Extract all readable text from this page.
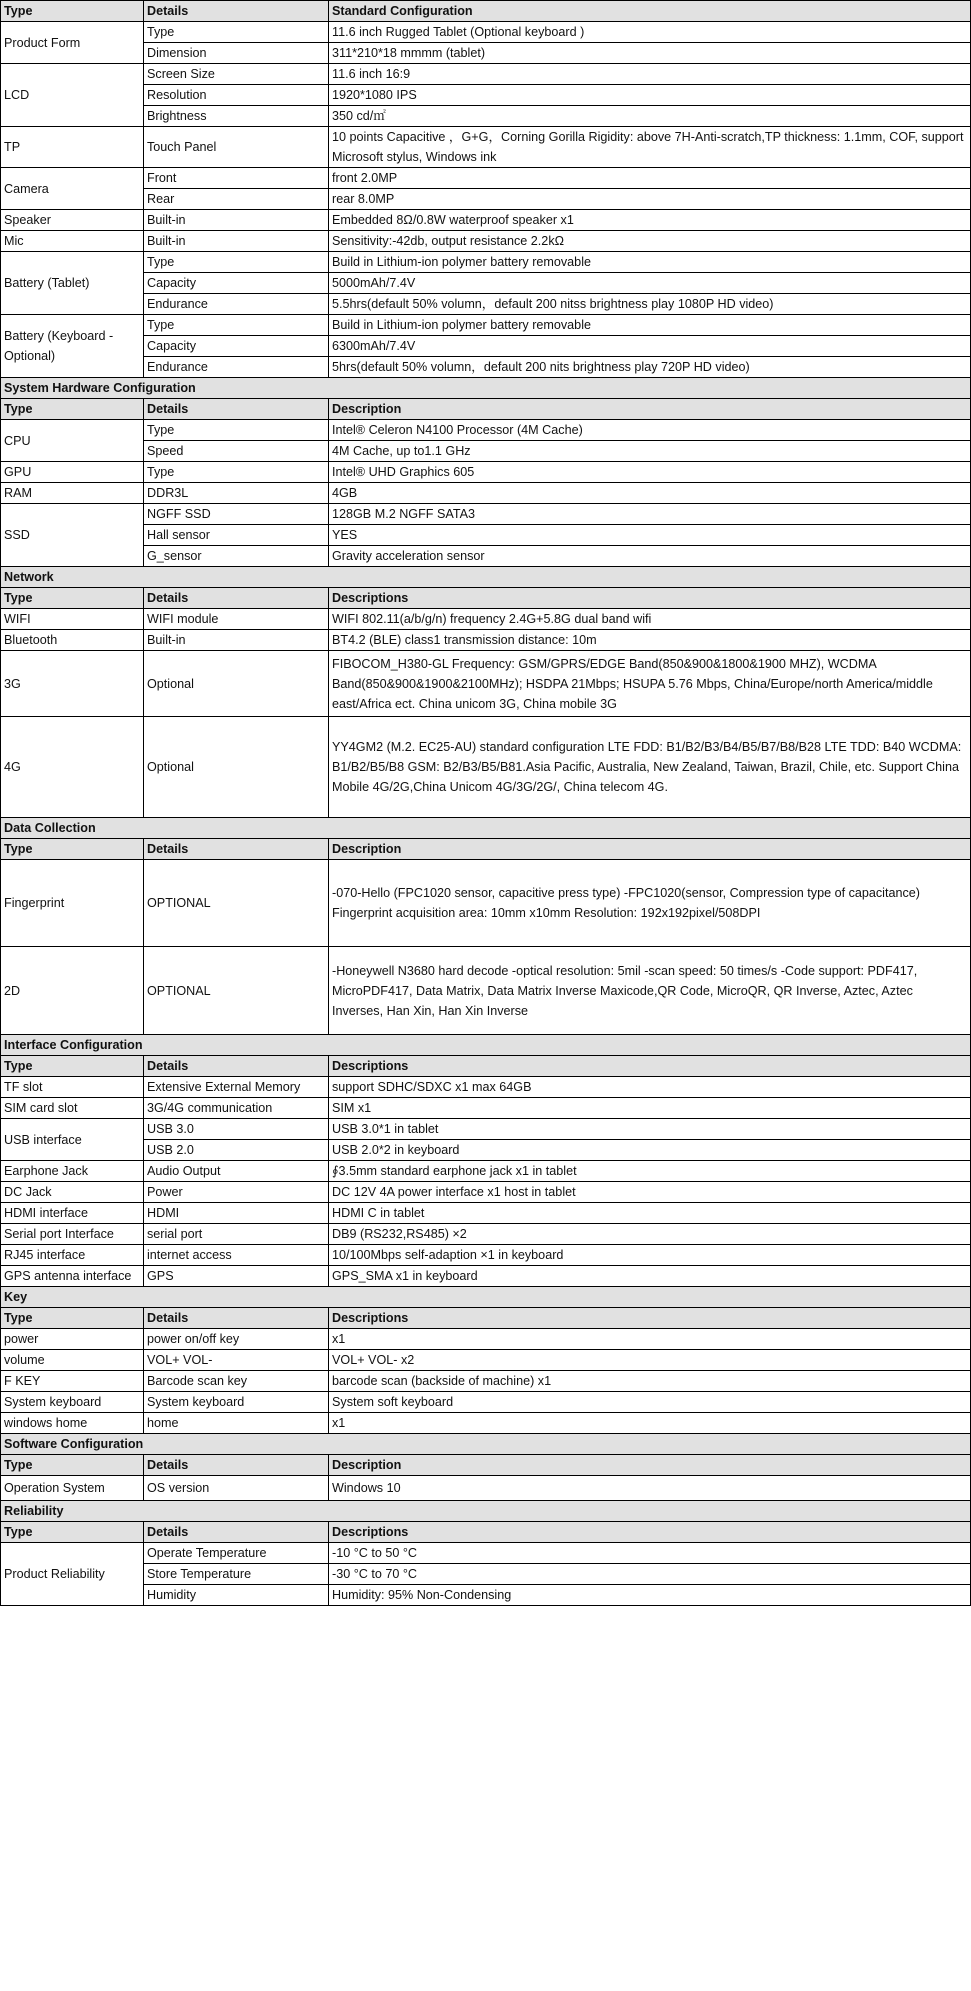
Type	Details	Standard Configuration
Product Form	Type	11.6 inch Rugged Tablet (Optional keyboard )
	Dimension	311*210*18 mmmm (tablet)
LCD	Screen Size	11.6 inch 16:9
	Resolution	1920*1080 IPS
	Brightness	350 cd/㎡
TP	Touch Panel	10 points Capacitive ，G+G，Corning Gorilla Rigidity: above 7H-Anti-scratch,TP thickness: 1.1mm, COF, support Microsoft stylus, Windows ink
Camera	Front	front 2.0MP
	Rear	rear 8.0MP
Speaker	Built-in	Embedded 8Ω/0.8W waterproof speaker x1
Mic	Built-in	Sensitivity:-42db, output resistance 2.2kΩ
Battery (Tablet)	Type	Build in Lithium-ion polymer battery removable
	Capacity	5000mAh/7.4V
	Endurance	5.5hrs(default 50% volumn，default 200 nitss brightness play 1080P HD video)
Battery (Keyboard -Optional)	Type	Build in Lithium-ion polymer battery removable
	Capacity	6300mAh/7.4V
	Endurance	5hrs(default 50% volumn，default 200 nits brightness play 720P HD video)
System Hardware Configuration		
Type	Details	Description
CPU	Type	Intel® Celeron N4100 Processor (4M Cache)
	Speed	4M Cache, up to1.1 GHz
GPU	Type	Intel® UHD Graphics 605
RAM	DDR3L	4GB
SSD	NGFF SSD	128GB M.2 NGFF SATA3
	Hall sensor	YES
	G_sensor	Gravity acceleration sensor
Network		
Type	Details	Descriptions
WIFI	WIFI module	WIFI 802.11(a/b/g/n) frequency 2.4G+5.8G dual band wifi
Bluetooth	Built-in	BT4.2 (BLE) class1 transmission distance: 10m
3G	Optional	FIBOCOM_H380-GL Frequency: GSM/GPRS/EDGE Band(850&900&1800&1900 MHZ), WCDMA Band(850&900&1900&2100MHz); HSDPA 21Mbps; HSUPA 5.76 Mbps, China/Europe/north America/middle east/Africa ect. China unicom 3G, China mobile 3G
4G	Optional	YY4GM2 (M.2. EC25-AU) standard configuration LTE FDD: B1/B2/B3/B4/B5/B7/B8/B28 LTE TDD: B40 WCDMA: B1/B2/B5/B8 GSM: B2/B3/B5/B81.Asia Pacific, Australia, New Zealand, Taiwan, Brazil, Chile, etc. Support China Mobile 4G/2G,China Unicom 4G/3G/2G/, China telecom 4G.
Data Collection		
Type	Details	Description
Fingerprint	OPTIONAL	-070-Hello (FPC1020 sensor, capacitive press type) -FPC1020(sensor, Compression type of capacitance) Fingerprint acquisition area: 10mm x10mm Resolution: 192x192pixel/508DPI
2D	OPTIONAL	-Honeywell N3680 hard decode -optical resolution: 5mil -scan speed: 50 times/s -Code support: PDF417, MicroPDF417, Data Matrix, Data Matrix Inverse Maxicode,QR Code, MicroQR, QR Inverse, Aztec, Aztec Inverses, Han Xin, Han Xin Inverse
Interface Configuration		
Type	Details	Descriptions
TF slot	Extensive External Memory	support SDHC/SDXC x1 max 64GB
SIM card slot	3G/4G communication	SIM x1
USB interface	USB 3.0	USB 3.0*1 in tablet
	USB 2.0	USB 2.0*2 in keyboard
Earphone Jack	Audio Output	∮3.5mm standard earphone jack x1 in tablet
DC Jack	Power	DC 12V 4A power interface x1 host in tablet
HDMI interface	HDMI	HDMI C in tablet
Serial port Interface	serial port	DB9 (RS232,RS485) ×2
RJ45 interface	internet access	10/100Mbps self-adaption ×1 in keyboard
GPS antenna interface	GPS	GPS_SMA x1 in keyboard
Key		
Type	Details	Descriptions
power	power on/off key	x1
volume	VOL+ VOL-	VOL+ VOL- x2
F KEY	Barcode scan key	barcode scan (backside of machine) x1
System keyboard	System keyboard	System soft keyboard
windows home	home	x1
Software Configuration		
Type	Details	Description
Operation System	OS version	Windows 10
Reliability		
Type	Details	Descriptions
Product Reliability	Operate Temperature	-10 °C to 50 °C
	Store Temperature	-30 °C to 70 °C
	Humidity	Humidity: 95% Non-Condensing
